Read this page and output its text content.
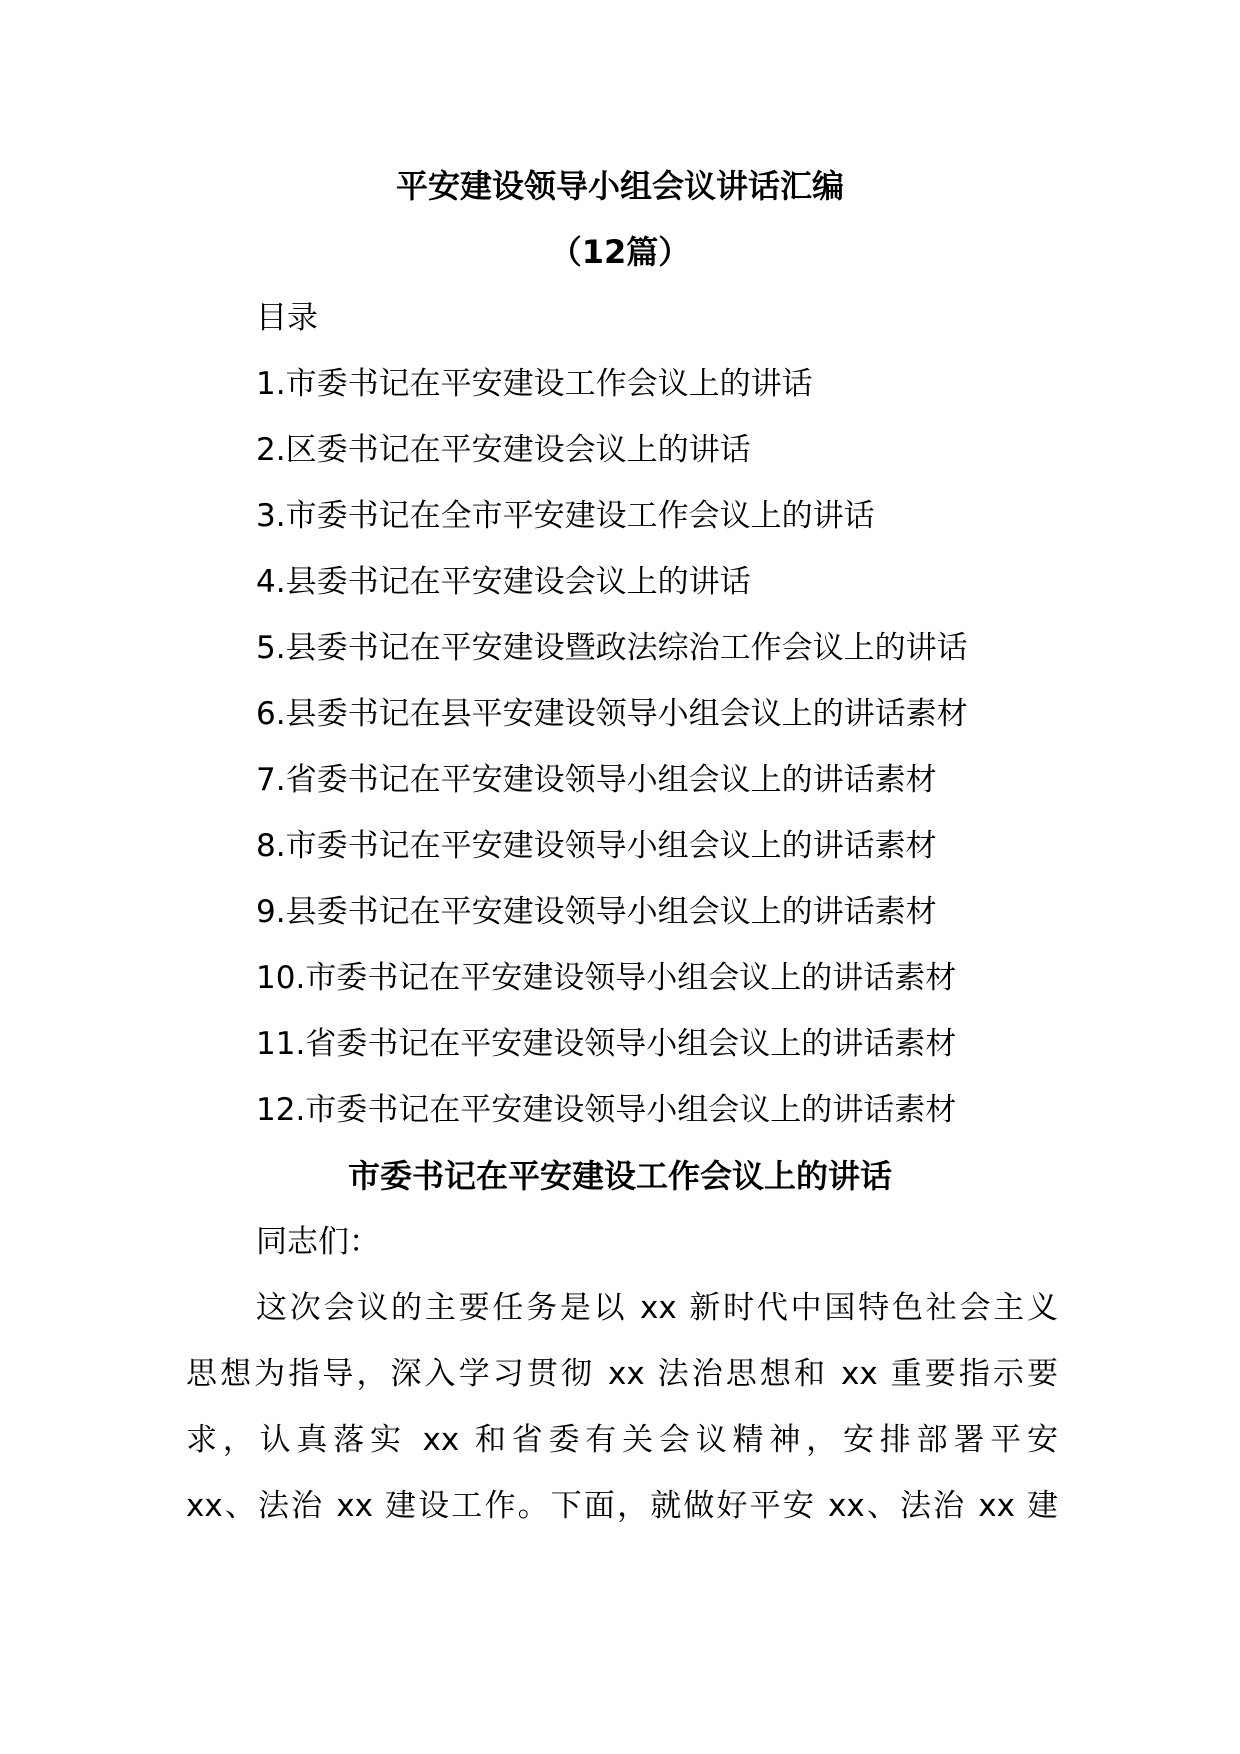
平安建设领导小组会议讲话汇编
（12篇）
目录
1.市委书记在平安建设工作会议上的讲话
2.区委书记在平安建设会议上的讲话
3.市委书记在全市平安建设工作会议上的讲话
4.县委书记在平安建设会议上的讲话
5.县委书记在平安建设暨政法综治工作会议上的讲话
6.县委书记在县平安建设领导小组会议上的讲话素材
7.省委书记在平安建设领导小组会议上的讲话素材
8.市委书记在平安建设领导小组会议上的讲话素材
9.县委书记在平安建设领导小组会议上的讲话素材
10.市委书记在平安建设领导小组会议上的讲话素材
11.省委书记在平安建设领导小组会议上的讲话素材
12.市委书记在平安建设领导小组会议上的讲话素材
市委书记在平安建设工作会议上的讲话
同志们：
这次会议的主要任务是以 xx 新时代中国特色社会主义
思想为指导，深入学习贯彻 xx 法治思想和 xx 重要指示要
求，认真落实 xx 和省委有关会议精神，安排部署平安
xx、法治 xx 建设工作。下面，就做好平安 xx、法治 xx 建
